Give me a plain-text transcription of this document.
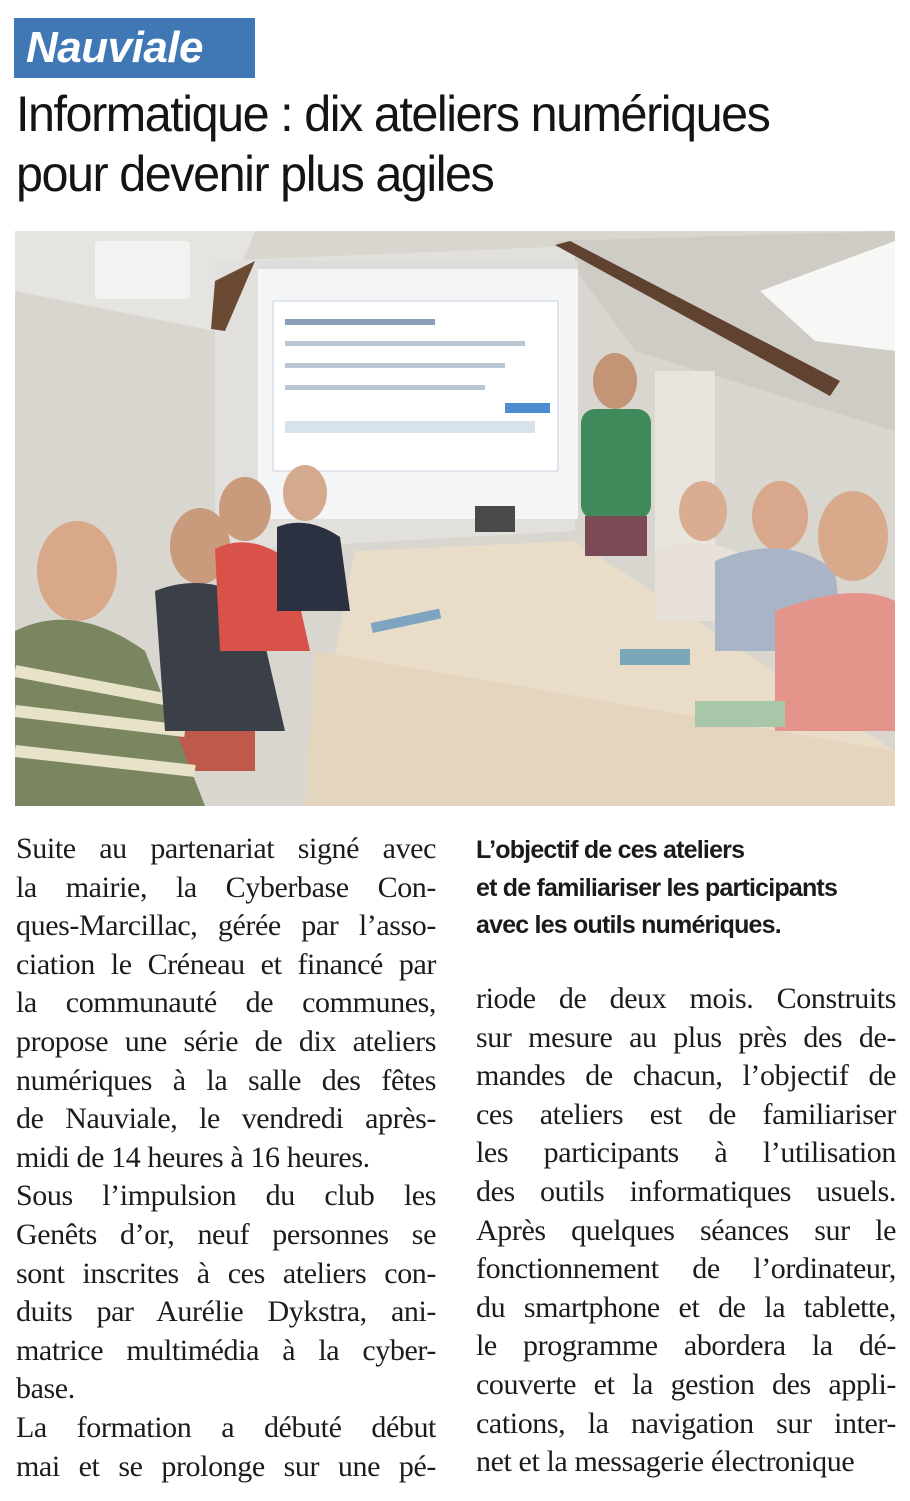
Nauviale
Informatique : dix ateliers numériques
pour devenir plus agiles

Suite au partenariat signé avec

la mairie, la Cyberbase Con-

ques-Marcillac, gérée par l’asso-

ciation le Créneau et financé par

la communauté de communes,

propose une série de dix ateliers

numériques à la salle des fêtes

de Nauviale, le vendredi après-

midi de 14 heures à 16 heures.

Sous l’impulsion du club les

Genêts d’or, neuf personnes se

sont inscrites à ces ateliers con-

duits par Aurélie Dykstra, ani-

matrice multimédia à la cyber-

base.

La formation a débuté début

mai et se prolonge sur une pé-

L’objectif de ces ateliers
et de familiariser les participants
avec les outils numériques.

riode de deux mois. Construits

sur mesure au plus près des de-

mandes de chacun, l’objectif de

ces ateliers est de familiariser

les participants à l’utilisation

des outils informatiques usuels.

Après quelques séances sur le

fonctionnement de l’ordinateur,

du smartphone et de la tablette,

le programme abordera la dé-

couverte et la gestion des appli-

cations, la navigation sur inter-

net et la messagerie électronique
